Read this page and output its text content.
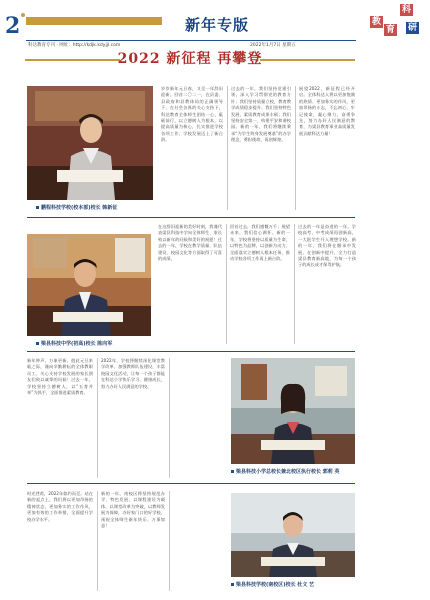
2	新年专版
科达教育专刊 · 网址：http://kdjk.kdyjjl.com	2022年1月7日 星期五
教
育
科
研
2022 新征程 再攀登
鹏程科技学校(校本部)校长 韩新征
岁岁新年元旦春，又至一年辞旧迎新。回首二〇二一，在县委、县政府和县教体局的正确领导下，在社会各界的关心支持下，科达教育全体师生团结一心、砥砺前行，以立德树人为根本，以提高质量为核心，扎实推进学校各项工作，学校发展迈上了新台阶。
过去的一年，我们坚持党建引领，深入学习贯彻党的教育方针；我们坚持质量立校，教育教学成绩稳步提升；我们坚持特色发展，素质教育成果丰硕；我们坚持安全第一，构建平安和谐校园。新的一年，我们将继续秉承“为学生终身发展奠基”的办学理念，勇担使命，再创辉煌。
展望2022，新征程已经开启。全体科达人将以更加饱满的热情、更加务实的作风、更加昂扬的斗志，不忘初心，牢记使命，凝心聚力，奋勇争先，努力办好人民满意的教育，为梁县教育事业高质量发展贡献科达力量！
梁县科技中学(初高)校长 陈向军
在这辞旧迎新的美好时刻，我谨代表梁县科技中学向全体师生、家长致以新年的问候和美好的祝愿！过去的一年，学校在教学质量、队伍建设、校园文化等方面取得了可喜的成绩。
回首过去，我们感慨万千；展望未来，我们信心满怀。新的一年，学校将坚持以质量为生命，以特色为品牌，以创新为动力，全面落实立德树人根本任务，推动学校各项工作再上新台阶。
过去的一年是奋进的一年。学校高考、中考成绩再创新高，一大批学生升入理想学校。新的一年，我们将在继承中发展，在创新中提升，全力打造梁县教育新高地，为每一个孩子的成长成才保驾护航。
新年钟声，万象更新。值此元旦来临之际，谨向辛勤耕耘的全体教职员工、关心支持学校发展的家长朋友们致以诚挚的问候！过去一年，学校坚持立德树人，以“五育并举”为抓手，全面推进素质教育。
2022年，学校将继续深化课堂教学改革，加强教师队伍建设，丰富校园文化活动，让每一个孩子都能在科达小学快乐学习、健康成长，努力办好人民满意的学校。
梁县科技小学总校长兼北校区执行校长 郭莉 英
时光荏苒，2022年如约而至。站在新的起点上，我们将以更加昂扬的精神状态，更加务实的工作作风，更加有效的工作举措，全面提升学校办学水平。
新的一年，南校区将坚持规范办学、特色发展，以课程建设为载体，以课堂改革为突破，以教师发展为保障，办好家门口的好学校。预祝全体师生新年快乐、万事如意！
梁县科技学校(南校区)校长 杜文 艺
